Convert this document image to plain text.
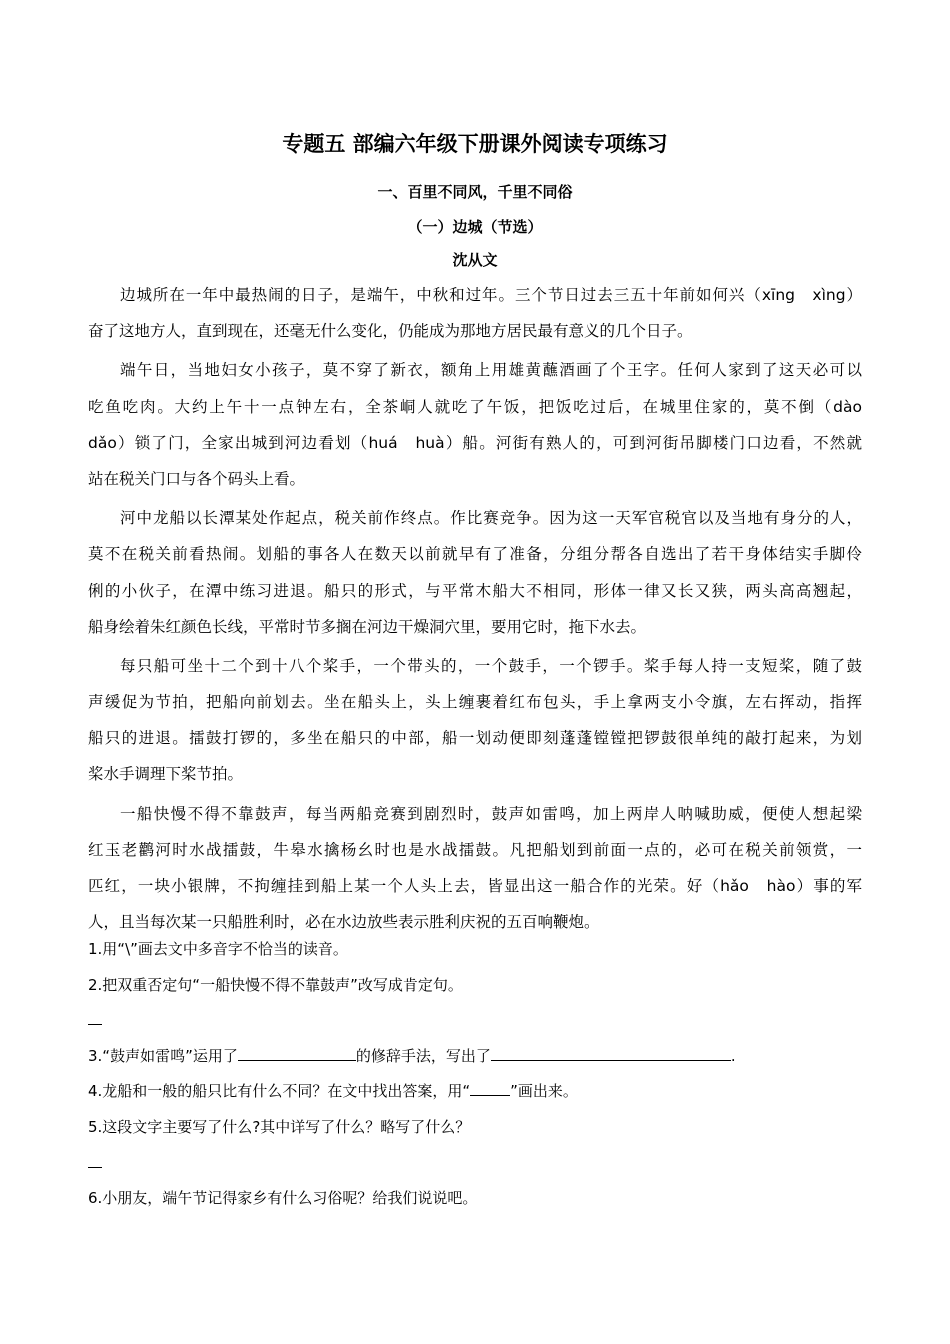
专题五 部编六年级下册课外阅读专项练习
一、百里不同风，千里不同俗
（一）边城（节选）
沈从文
边城所在一年中最热闹的日子，是端午，中秋和过年。三个节日过去三五十年前如何兴（xīng　xìng）
奋了这地方人，直到现在，还毫无什么变化，仍能成为那地方居民最有意义的几个日子。
端午日，当地妇女小孩子，莫不穿了新衣，额角上用雄黄蘸酒画了个王字。任何人家到了这天必可以
吃鱼吃肉。大约上午十一点钟左右，全茶峒人就吃了午饭，把饭吃过后，在城里住家的，莫不倒（dào
dǎo）锁了门，全家出城到河边看划（huá　huà）船。河街有熟人的，可到河街吊脚楼门口边看，不然就
站在税关门口与各个码头上看。
河中龙船以长潭某处作起点，税关前作终点。作比赛竞争。因为这一天军官税官以及当地有身分的人，
莫不在税关前看热闹。划船的事各人在数天以前就早有了准备，分组分帮各自选出了若干身体结实手脚伶
俐的小伙子，在潭中练习进退。船只的形式，与平常木船大不相同，形体一律又长又狭，两头高高翘起，
船身绘着朱红颜色长线，平常时节多搁在河边干燥洞穴里，要用它时，拖下水去。
每只船可坐十二个到十八个桨手，一个带头的，一个鼓手，一个锣手。桨手每人持一支短桨，随了鼓
声缓促为节拍，把船向前划去。坐在船头上，头上缠裹着红布包头，手上拿两支小令旗，左右挥动，指挥
船只的进退。擂鼓打锣的，多坐在船只的中部，船一划动便即刻蓬蓬镗镗把锣鼓很单纯的敲打起来，为划
桨水手调理下桨节拍。
一船快慢不得不靠鼓声，每当两船竞赛到剧烈时，鼓声如雷鸣，加上两岸人呐喊助威，便使人想起梁
红玉老鹳河时水战擂鼓，牛皋水擒杨幺时也是水战擂鼓。凡把船划到前面一点的，必可在税关前领赏，一
匹红，一块小银牌，不拘缠挂到船上某一个人头上去，皆显出这一船合作的光荣。好（hǎo　hào）事的军
人，且当每次某一只船胜利时，必在水边放些表示胜利庆祝的五百响鞭炮。
1.用“\”画去文中多音字不恰当的读音。
2.把双重否定句“一船快慢不得不靠鼓声”改写成肯定句。
3.“鼓声如雷鸣”运用了	的修辞手法，写出了	.
4.龙船和一般的船只比有什么不同？在文中找出答案，用“	”画出来。
5.这段文字主要写了什么?其中详写了什么？略写了什么？
6.小朋友，端午节记得家乡有什么习俗呢？给我们说说吧。
